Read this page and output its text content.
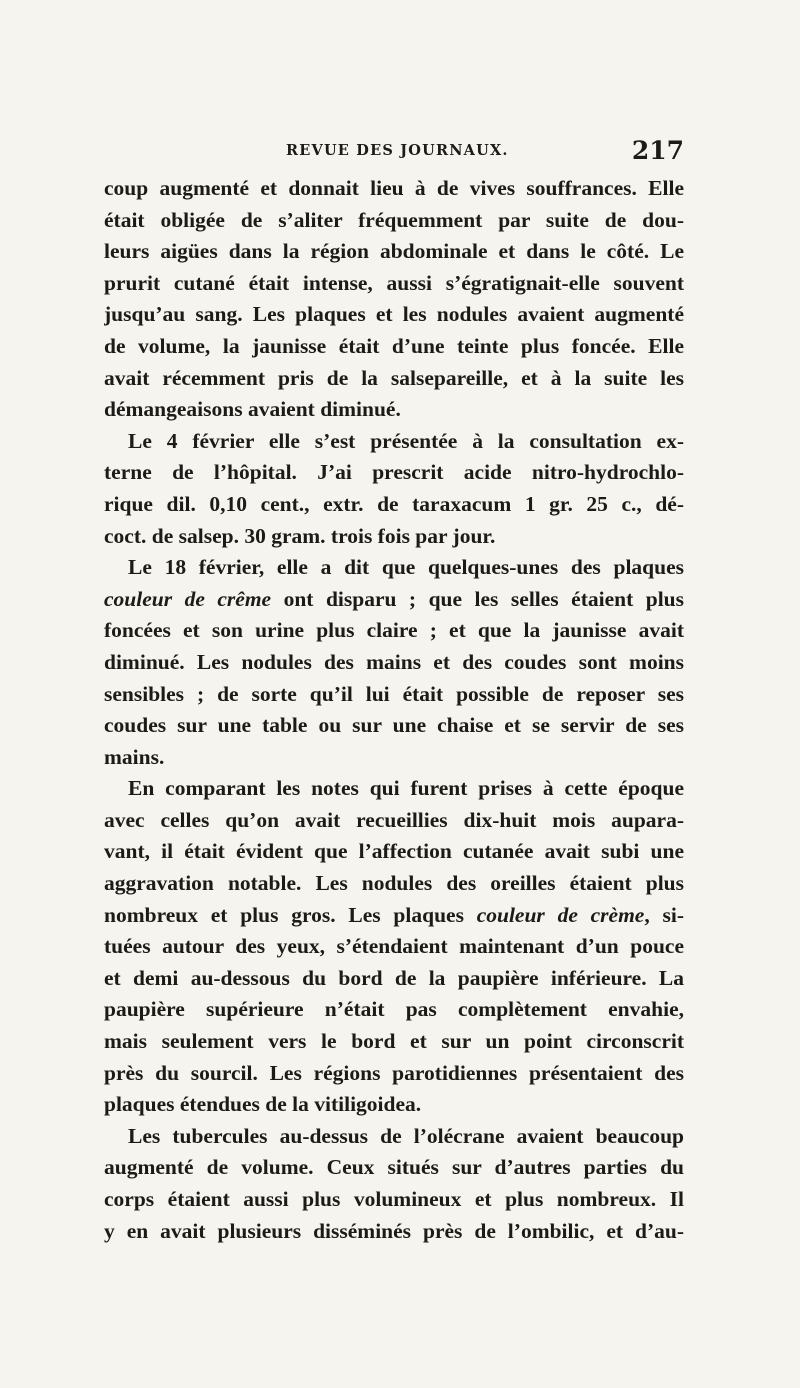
REVUE DES JOURNAUX.	217
coup augmenté et donnait lieu à de vives souffrances. Elle
était obligée de s’aliter fréquemment par suite de dou-
leurs aigües dans la région abdominale et dans le côté. Le
prurit cutané était intense, aussi s’égratignait-elle souvent
jusqu’au sang. Les plaques et les nodules avaient augmenté
de volume, la jaunisse était d’une teinte plus foncée. Elle
avait récemment pris de la salsepareille, et à la suite les
démangeaisons avaient diminué.
Le 4 février elle s’est présentée à la consultation ex-
terne de l’hôpital. J’ai prescrit acide nitro-hydrochlo-
rique dil. 0,10 cent., extr. de taraxacum 1 gr. 25 c., dé-
coct. de salsep. 30 gram. trois fois par jour.
Le 18 février, elle a dit que quelques-unes des plaques
couleur de crême ont disparu ; que les selles étaient plus
foncées et son urine plus claire ; et que la jaunisse avait
diminué. Les nodules des mains et des coudes sont moins
sensibles ; de sorte qu’il lui était possible de reposer ses
coudes sur une table ou sur une chaise et se servir de ses
mains.
En comparant les notes qui furent prises à cette époque
avec celles qu’on avait recueillies dix-huit mois aupara-
vant, il était évident que l’affection cutanée avait subi une
aggravation notable. Les nodules des oreilles étaient plus
nombreux et plus gros. Les plaques couleur de crème, si-
tuées autour des yeux, s’étendaient maintenant d’un pouce
et demi au-dessous du bord de la paupière inférieure. La
paupière supérieure n’était pas complètement envahie,
mais seulement vers le bord et sur un point circonscrit
près du sourcil. Les régions parotidiennes présentaient des
plaques étendues de la vitiligoidea.
Les tubercules au-dessus de l’olécrane avaient beaucoup
augmenté de volume. Ceux situés sur d’autres parties du
corps étaient aussi plus volumineux et plus nombreux. Il
y en avait plusieurs disséminés près de l’ombilic, et d’au-
